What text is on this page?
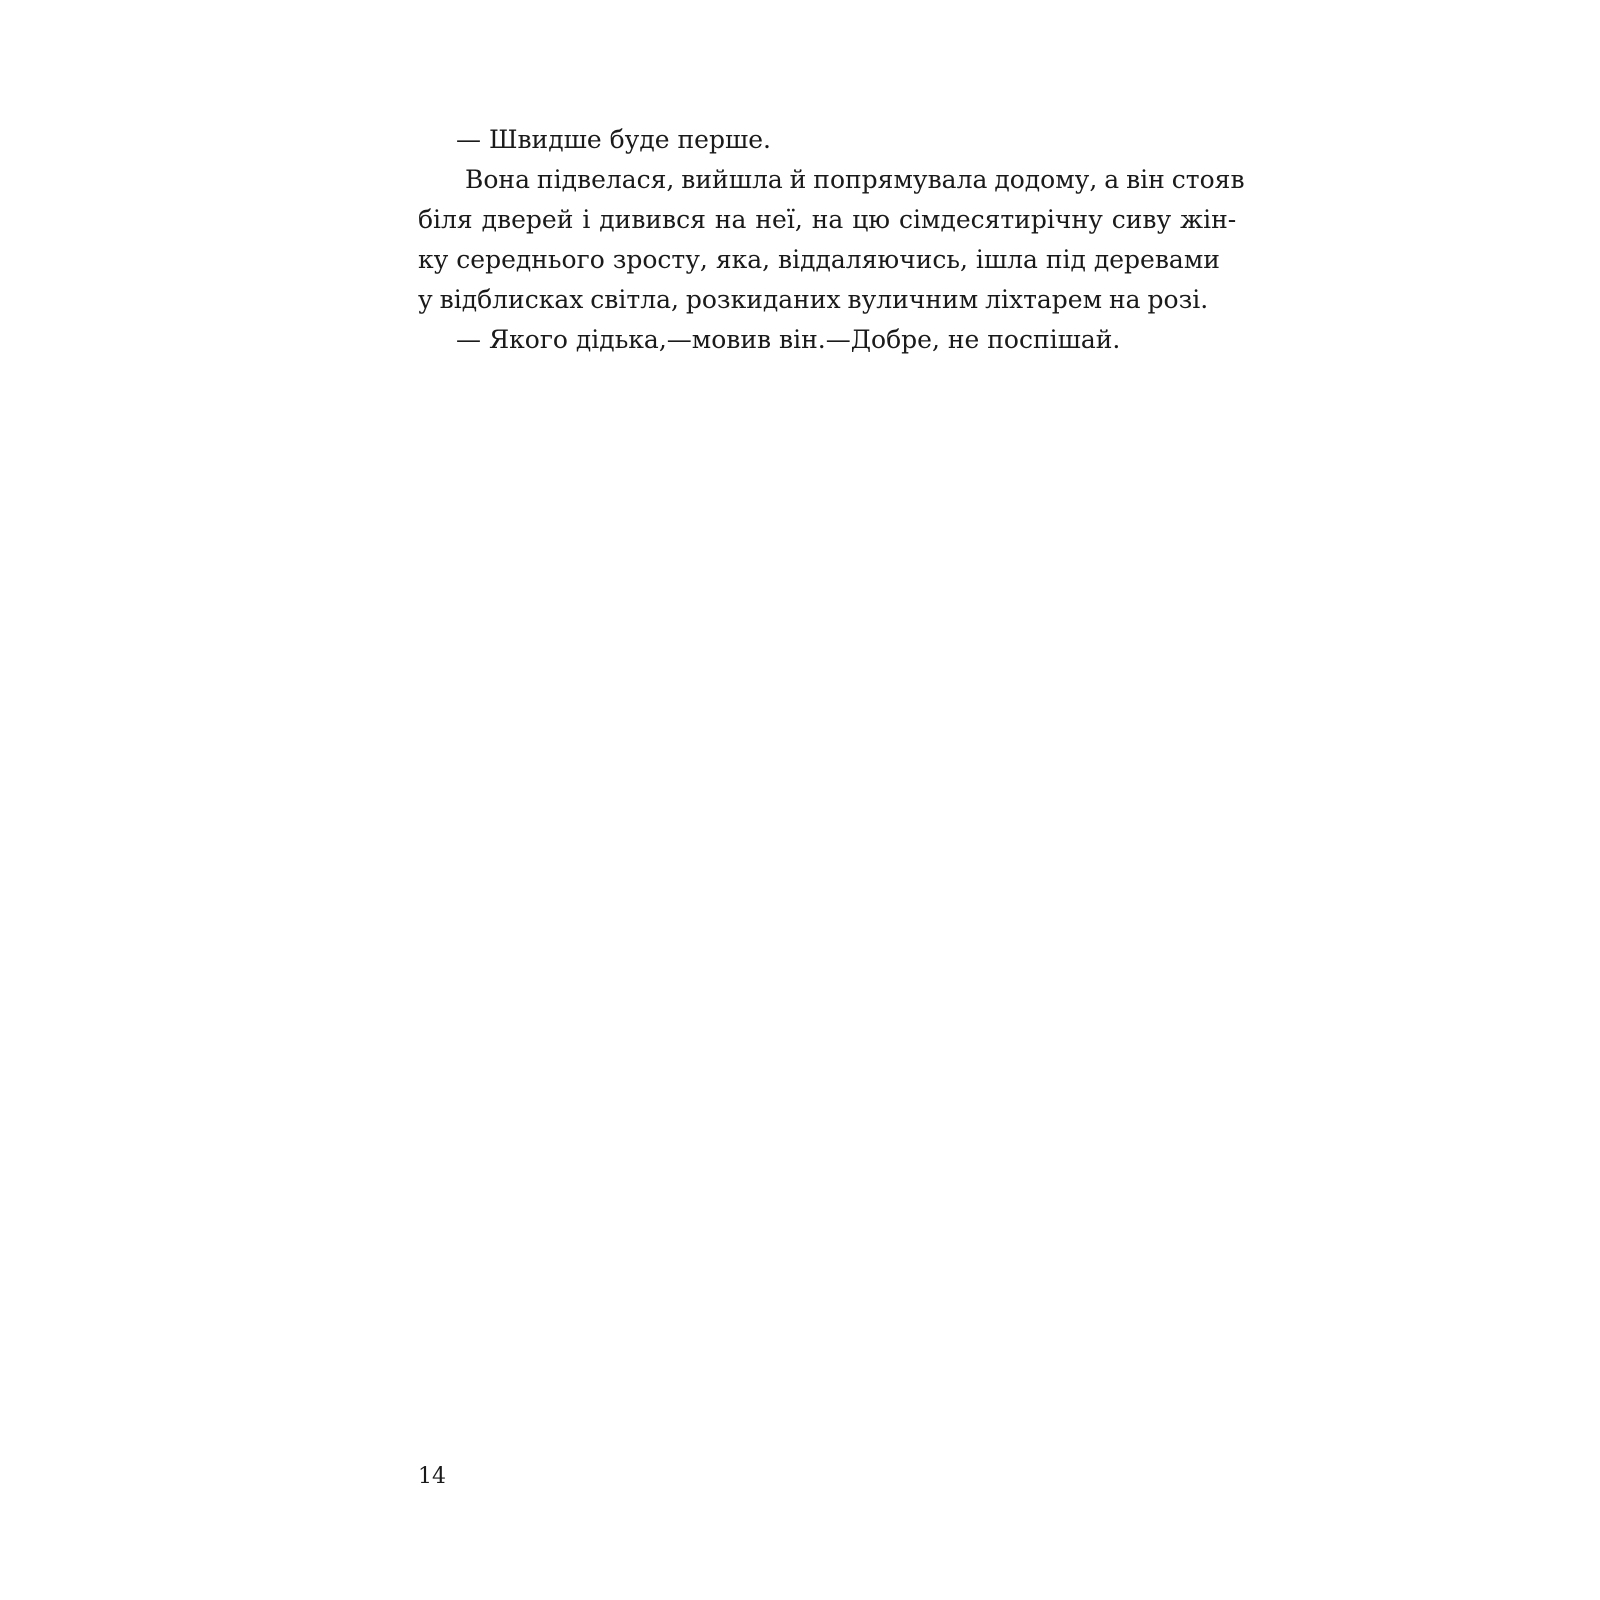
— Швидше буде перше.
Вона підвелася, вийшла й попрямувала додому, а він стояв
біля дверей і дивився на неї, на цю сімдесятирічну сиву жін-
ку середнього зросту, яка, віддаляючись, ішла під деревами
у відблисках світла, розкиданих вуличним ліхтарем на розі.
— Якого дідька,—мовив він.—Добре, не поспішай.
14
